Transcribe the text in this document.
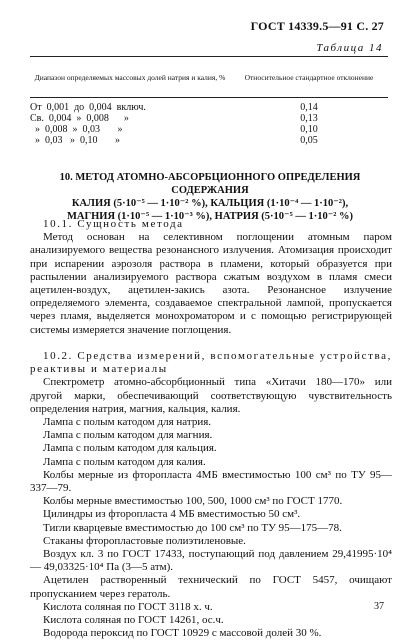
ГОСТ 14339.5—91 С. 27
Таблица 14
Диапазон определяемых массовых долей натрия и калия, %	Относительное стандартное отклонение
От  0,001  до  0,004  включ.	0,14
Св.  0,004  »  0,008      »	0,13
»  0,008  »  0,03       »	0,10
»  0,03   »  0,10       »	0,05
10. МЕТОД АТОМНО-АБСОРБЦИОННОГО ОПРЕДЕЛЕНИЯ СОДЕРЖАНИЯ
КАЛИЯ (5·10⁻⁵ — 1·10⁻² %), КАЛЬЦИЯ (1·10⁻⁴ — 1·10⁻²),
МАГНИЯ (1·10⁻⁵ — 1·10⁻³ %), НАТРИЯ (5·10⁻⁵ — 1·10⁻² %)

10.1. Сущность метода

Метод основан на селективном поглощении атомным паром анализируемого вещества резонансного излучения. Атомизация происходит при испарении аэрозоля раствора в пламени, который образуется при распылении анализируемого раствора сжатым воздухом в пламя смеси ацетилен-воздух, ацетилен-закись азота. Резонансное излучение определяемого элемента, создаваемое спектральной лампой, пропускается через пламя, выделяется монохроматором и с помощью регистрирующей системы измеряется значение поглощения.

10.2. Средства измерений, вспомогательные устройства, реактивы и материалы

Спектрометр атомно-абсорбционный типа «Хитачи 180—170» или другой марки, обеспечивающий соответствующую чувствительность определения натрия, магния, кальция, калия.

Лампа с полым катодом для натрия.

Лампа с полым катодом для магния.

Лампа с полым катодом для кальция.

Лампа с полым катодом для калия.

Колбы мерные из фторопласта 4МБ вместимостью 100 см³ по ТУ 95—337—79.

Колбы мерные вместимостью 100, 500, 1000 см³ по ГОСТ 1770.

Цилиндры из фторопласта 4 МБ вместимостью 50 см³.

Тигли кварцевые вместимостью до 100 см³ по ТУ 95—175—78.

Стаканы фторопластовые полиэтиленовые.

Воздух кл. 3 по ГОСТ 17433, поступающий под давлением 29,41995·10⁴ — 49,03325·10⁴ Па (3—5 атм).

Ацетилен растворенный технический по ГОСТ 5457, очищают пропусканием через гератоль.

Кислота соляная по ГОСТ 3118 х. ч.

Кислота соляная по ГОСТ 14261, ос.ч.

Водорода пероксид по ГОСТ 10929 с массовой долей 30 %.

37
